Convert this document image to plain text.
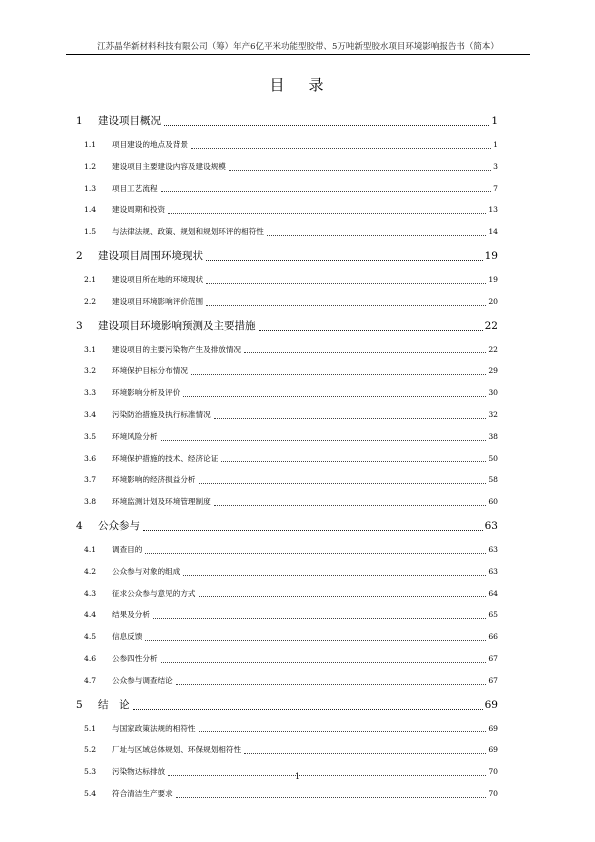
江苏晶华新材料科技有限公司（筹）年产6亿平米功能型胶带、5万吨新型胶水项目环境影响报告书（简本）
目 录
1	建设项目概况	1
1.1	项目建设的地点及背景	1
1.2	建设项目主要建设内容及建设规模	3
1.3	项目工艺流程	7
1.4	建设周期和投资	13
1.5	与法律法规、政策、规划和规划环评的相符性	14
2	建设项目周围环境现状	19
2.1	建设项目所在地的环境现状	19
2.2	建设项目环境影响评价范围	20
3	建设项目环境影响预测及主要措施	22
3.1	建设项目的主要污染物产生及排放情况	22
3.2	环境保护目标分布情况	29
3.3	环境影响分析及评价	30
3.4	污染防治措施及执行标准情况	32
3.5	环境风险分析	38
3.6	环境保护措施的技术、经济论证	50
3.7	环境影响的经济损益分析	58
3.8	环境监测计划及环境管理制度	60
4	公众参与	63
4.1	调查目的	63
4.2	公众参与对象的组成	63
4.3	征求公众参与意见的方式	64
4.4	结果及分析	65
4.5	信息反馈	66
4.6	公参四性分析	67
4.7	公众参与调查结论	67
5	结　论	69
5.1	与国家政策法规的相符性	69
5.2	厂址与区域总体规划、环保规划相符性	69
5.3	污染物达标排放	70
5.4	符合清洁生产要求	70
1
